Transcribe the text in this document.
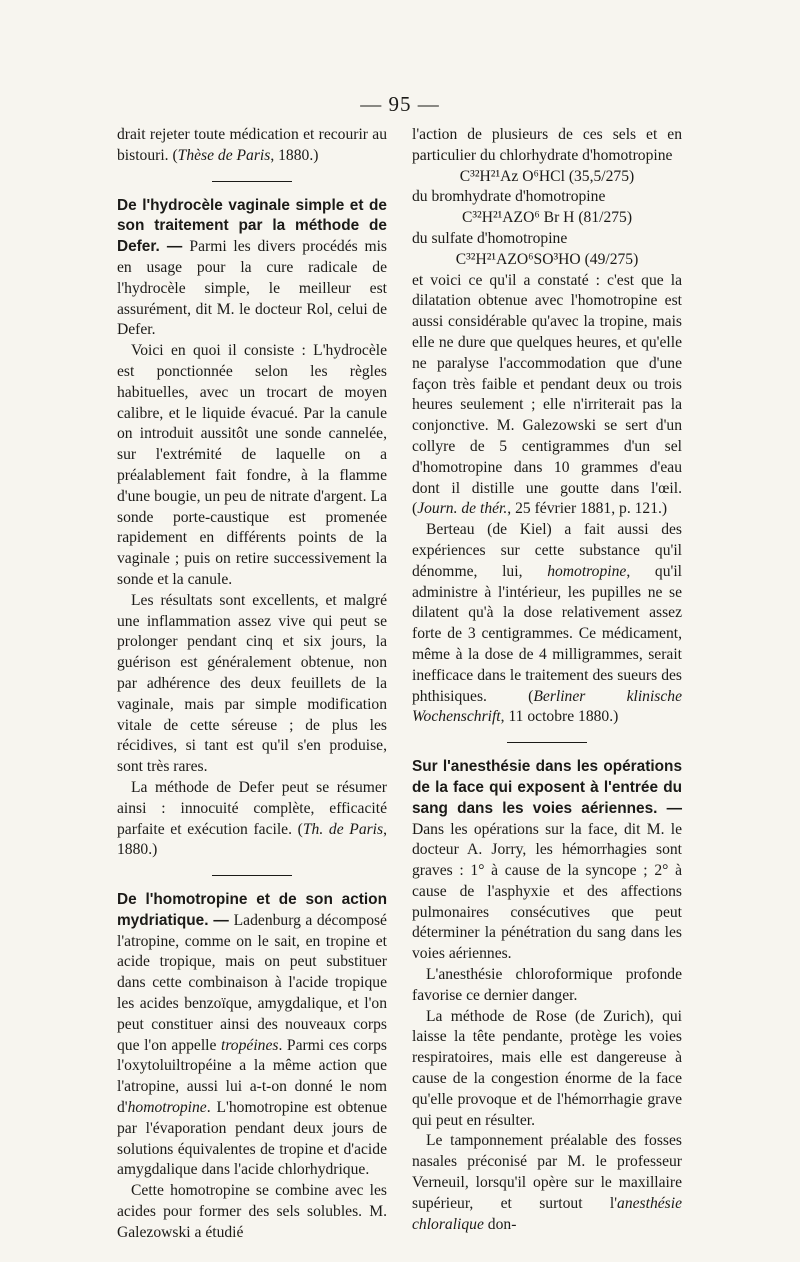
— 95 —

drait rejeter toute médication et recourir au bistouri. (Thèse de Paris, 1880.)

De l'hydrocèle vaginale simple et de son traitement par la méthode de Defer. — Parmi les divers procédés mis en usage pour la cure radicale de l'hydrocèle simple, le meilleur est assurément, dit M. le docteur Rol, celui de Defer.

Voici en quoi il consiste : L'hydrocèle est ponctionnée selon les règles habituelles, avec un trocart de moyen calibre, et le liquide évacué. Par la canule on introduit aussitôt une sonde cannelée, sur l'extrémité de laquelle on a préalablement fait fondre, à la flamme d'une bougie, un peu de nitrate d'argent. La sonde porte-caustique est promenée rapidement en différents points de la vaginale ; puis on retire successivement la sonde et la canule.

Les résultats sont excellents, et malgré une inflammation assez vive qui peut se prolonger pendant cinq et six jours, la guérison est généralement obtenue, non par adhérence des deux feuillets de la vaginale, mais par simple modification vitale de cette séreuse ; de plus les récidives, si tant est qu'il s'en produise, sont très rares.

La méthode de Defer peut se résumer ainsi : innocuité complète, efficacité parfaite et exécution facile. (Th. de Paris, 1880.)

De l'homotropine et de son action mydriatique. — Ladenburg a décomposé l'atropine, comme on le sait, en tropine et acide tropique, mais on peut substituer dans cette combinaison à l'acide tropique les acides benzoïque, amygdalique, et l'on peut constituer ainsi des nouveaux corps que l'on appelle tropéines. Parmi ces corps l'oxytoluiltropéine a la même action que l'atropine, aussi lui a-t-on donné le nom d'homotropine. L'homotropine est obtenue par l'évaporation pendant deux jours de solutions équivalentes de tropine et d'acide amygdalique dans l'acide chlorhydrique.

Cette homotropine se combine avec les acides pour former des sels solubles. M. Galezowski a étudié

l'action de plusieurs de ces sels et en particulier du chlorhydrate d'homotropine

C³²H²¹Az O⁶HCl (35,5/275)

du bromhydrate d'homotropine

C³²H²¹AZO⁶ Br H (81/275)

du sulfate d'homotropine

C³²H²¹AZO⁶SO³HO (49/275)

et voici ce qu'il a constaté : c'est que la dilatation obtenue avec l'homotropine est aussi considérable qu'avec la tropine, mais elle ne dure que quelques heures, et qu'elle ne paralyse l'accommodation que d'une façon très faible et pendant deux ou trois heures seulement ; elle n'irriterait pas la conjonctive. M. Galezowski se sert d'un collyre de 5 centigrammes d'un sel d'homotropine dans 10 grammes d'eau dont il distille une goutte dans l'œil. (Journ. de thér., 25 février 1881, p. 121.)

Berteau (de Kiel) a fait aussi des expériences sur cette substance qu'il dénomme, lui, homotropine, qu'il administre à l'intérieur, les pupilles ne se dilatent qu'à la dose relativement assez forte de 3 centigrammes. Ce médicament, même à la dose de 4 milligrammes, serait inefficace dans le traitement des sueurs des phthisiques. (Berliner klinische Wochenschrift, 11 octobre 1880.)

Sur l'anesthésie dans les opérations de la face qui exposent à l'entrée du sang dans les voies aériennes. — Dans les opérations sur la face, dit M. le docteur A. Jorry, les hémorrhagies sont graves : 1° à cause de la syncope ; 2° à cause de l'asphyxie et des affections pulmonaires consécutives que peut déterminer la pénétration du sang dans les voies aériennes.

L'anesthésie chloroformique profonde favorise ce dernier danger.

La méthode de Rose (de Zurich), qui laisse la tête pendante, protège les voies respiratoires, mais elle est dangereuse à cause de la congestion énorme de la face qu'elle provoque et de l'hémorrhagie grave qui peut en résulter.

Le tamponnement préalable des fosses nasales préconisé par M. le professeur Verneuil, lorsqu'il opère sur le maxillaire supérieur, et surtout l'anesthésie chloralique don-
